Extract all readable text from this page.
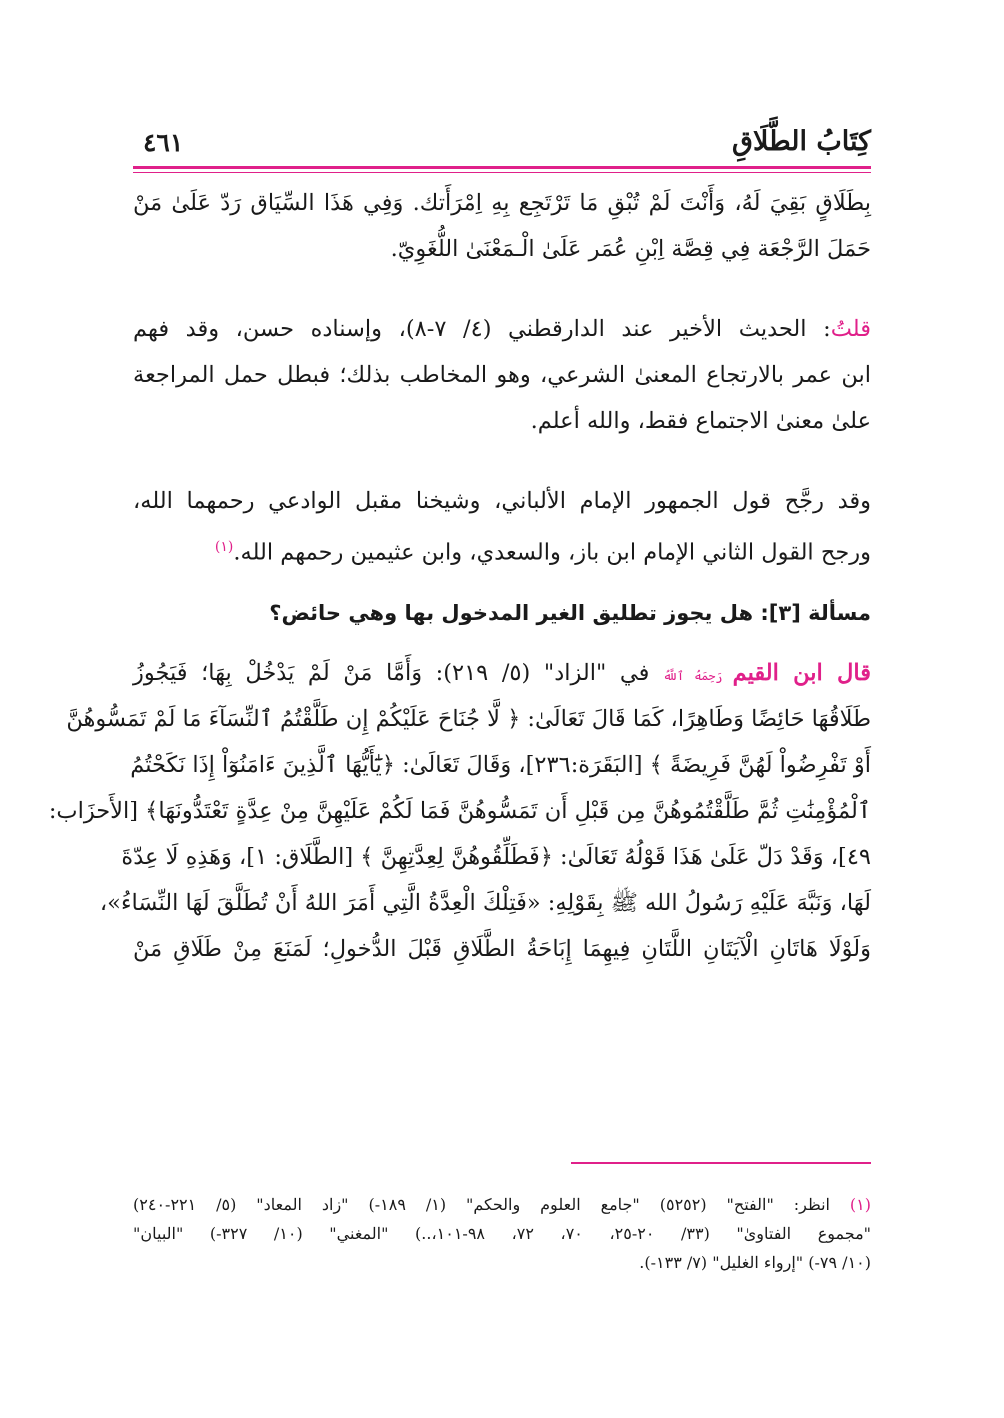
كِتَابُ الطَّلَاقِ
٤٦١
بِطَلَاقٍ بَقِيَ لَهُ، وَأَنْتَ لَمْ تُبْقِ مَا تَرْتَجِع بِهِ اِمْرَأَتك. وَفِي هَذَا السِّيَاق رَدّ عَلَىٰ مَنْ
حَمَلَ الرَّجْعَة فِي قِصَّة اِبْنِ عُمَر عَلَىٰ الْـمَعْنَىٰ اللُّغَوِيّ.
قلتُ: الحديث الأخير عند الدارقطني (٤/ ٧-٨)، وإسناده حسن، وقد فهم
ابن عمر بالارتجاع المعنىٰ الشرعي، وهو المخاطب بذلك؛ فبطل حمل المراجعة
علىٰ معنىٰ الاجتماع فقط، والله أعلم.
وقد رجَّح قول الجمهور الإمام الألباني، وشيخنا مقبل الوادعي رحمهما الله،
ورجح القول الثاني الإمام ابن باز، والسعدي، وابن عثيمين رحمهم الله.$^{(١)}$
مسألة [٣]: هل يجوز تطليق الغير المدخول بها وهي حائض؟
قال ابن القيم رَحِمَهُ ٱللَّهُ في "الزاد" (٥/ ٢١٩): وَأَمَّا مَنْ لَمْ يَدْخُلْ بِهَا؛ فَيَجُوزُ
طَلَاقُهَا حَائِضًا وَطَاهِرًا، كَمَا قَالَ تَعَالَىٰ: ﴿ لَّا جُنَاحَ عَلَيْكُمْ إِن طَلَّقْتُمُ ٱلنِّسَآءَ مَا لَمْ تَمَسُّوهُنَّ
أَوْ تَفْرِضُواْ لَهُنَّ فَرِيضَةً ﴾ [البَقَرَة:٢٣٦]، وَقَالَ تَعَالَىٰ: ﴿يَٰٓأَيُّهَا ٱلَّذِينَ ءَامَنُوٓاْ إِذَا نَكَحْتُمُ
ٱلْمُؤْمِنَٰتِ ثُمَّ طَلَّقْتُمُوهُنَّ مِن قَبْلِ أَن تَمَسُّوهُنَّ فَمَا لَكُمْ عَلَيْهِنَّ مِنْ عِدَّةٍ تَعْتَدُّونَهَا﴾ [الأَحزَاب:
٤٩]، وَقَدْ دَلّ عَلَىٰ هَذَا قَوْلُهُ تَعَالَىٰ: ﴿فَطَلِّقُوهُنَّ لِعِدَّتِهِنَّ ﴾ [الطَّلَاق: ١]، وَهَذِهِ لَا عِدّةَ
لَهَا، وَنَبَّهَ عَلَيْهِ رَسُولُ الله ﷺ بِقَوْلِهِ: «فَتِلْكَ الْعِدَّةُ الَّتِي أَمَرَ اللهُ أَنْ تُطَلَّقَ لَهَا النِّسَاءُ»،
وَلَوْلَا هَاتَانِ الْآيَتَانِ اللَّتَانِ فِيهِمَا إِبَاحَةُ الطَّلَاقِ قَبْلَ الدُّخولِ؛ لَمَنَعَ مِنْ طَلَاقِ مَنْ
(١) انظر: "الفتح" (٥٢٥٢) "جامع العلوم والحكم" (١/ ١٨٩-) "زاد المعاد" (٥/ ٢٢١-٢٤٠)
"مجموع الفتاوىٰ" (٣٣/ ٢٠-٢٥، ٧٠، ٧٢، ٩٨-١٠١،..) "المغني" (١٠/ ٣٢٧-) "البيان"
(١٠/ ٧٩-) "إرواء الغليل" (٧/ ١٣٣-).
